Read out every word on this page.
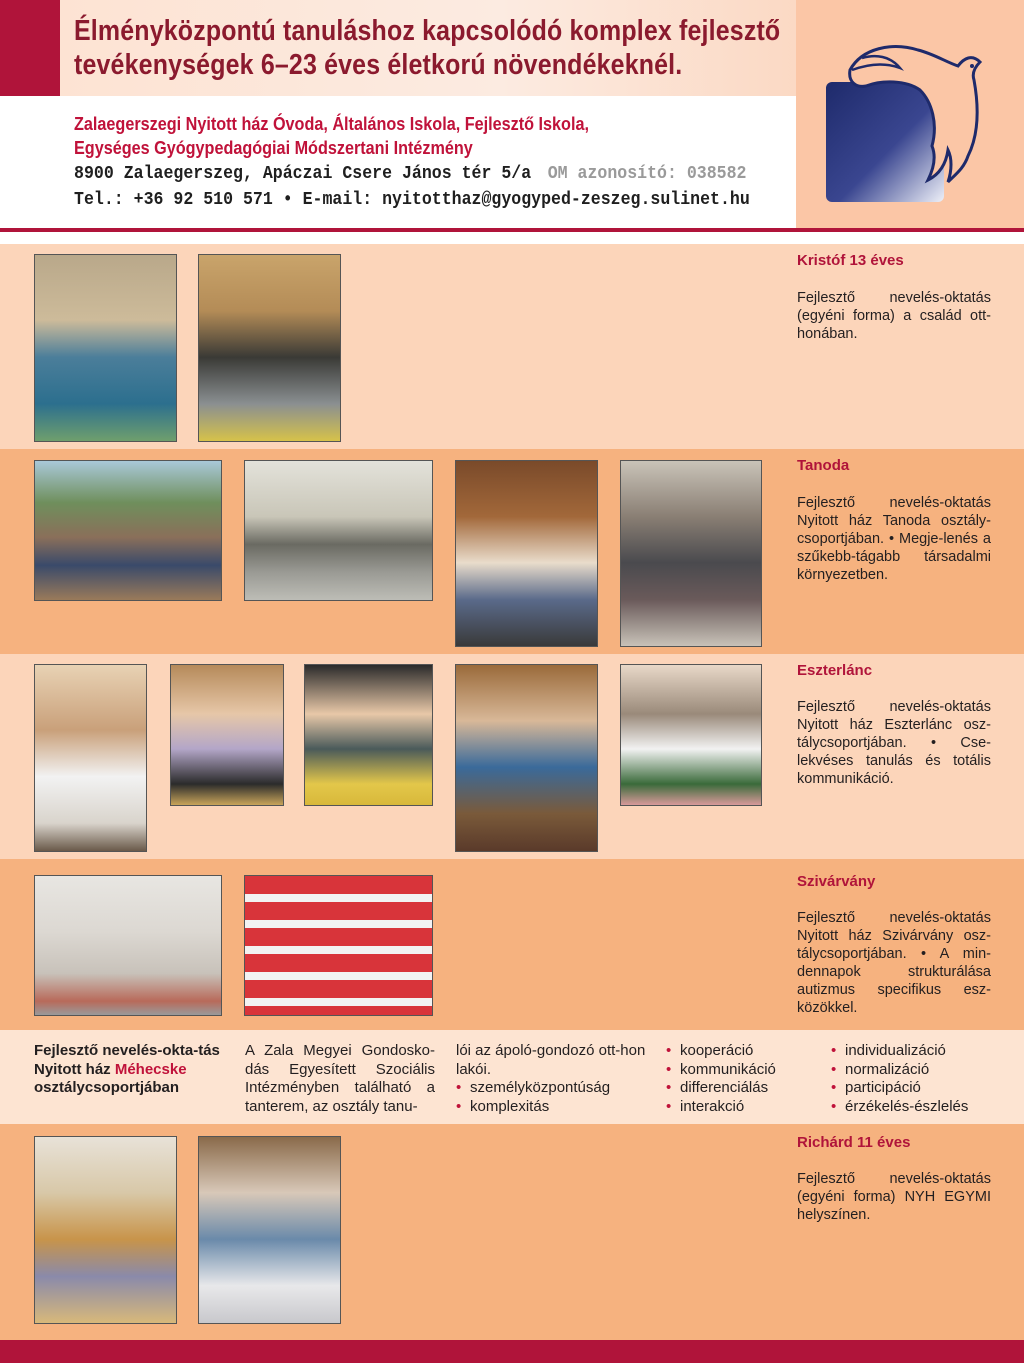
Élményközpontú tanuláshoz kapcsolódó komplex fejlesztő
tevékenységek 6–23 éves életkorú növendékeknél.
Zalaegerszegi Nyitott ház Óvoda, Általános Iskola, Fejlesztő Iskola,
Egységes Gyógypedagógiai Módszertani Intézmény
8900 Zalaegerszeg, Apáczai Csere János tér 5/a OM azonosító: 038582
Tel.: +36 92 510 571 • E-mail: nyitotthaz@gyogyped-zeszeg.sulinet.hu
Kristóf 13 éves
Fejlesztő nevelés-oktatás (egyéni forma) a család ott-honában.
Tanoda
Fejlesztő nevelés-oktatás Nyitott ház Tanoda osztály-csoportjában. • Megje-lenés a szűkebb-tágabb társadalmi környezetben.
Eszterlánc
Fejlesztő nevelés-oktatás Nyitott ház Eszterlánc osz-tálycsoportjában. • Cse-lekvéses tanulás és totális kommunikáció.
Szivárvány
Fejlesztő nevelés-oktatás Nyitott ház Szivárvány osz-tálycsoportjában. • A min-dennapok strukturálása autizmus specifikus esz-közökkel.
Fejlesztő nevelés-okta-tás Nyitott ház Méhecske osztálycsoportjában
A Zala Megyei Gondosko-dás Egyesített Szociális Intézményben található a tanterem, az osztály tanu-
lói az ápoló-gondozó ott-hon lakói.
• személyközpontúság
• komplexitás
• kooperáció
• kommunikáció
• differenciálás
• interakció
• individualizáció
• normalizáció
• participáció
• érzékelés-észlelés
Richárd 11 éves
Fejlesztő nevelés-oktatás (egyéni forma) NYH EGYMI helyszínen.
